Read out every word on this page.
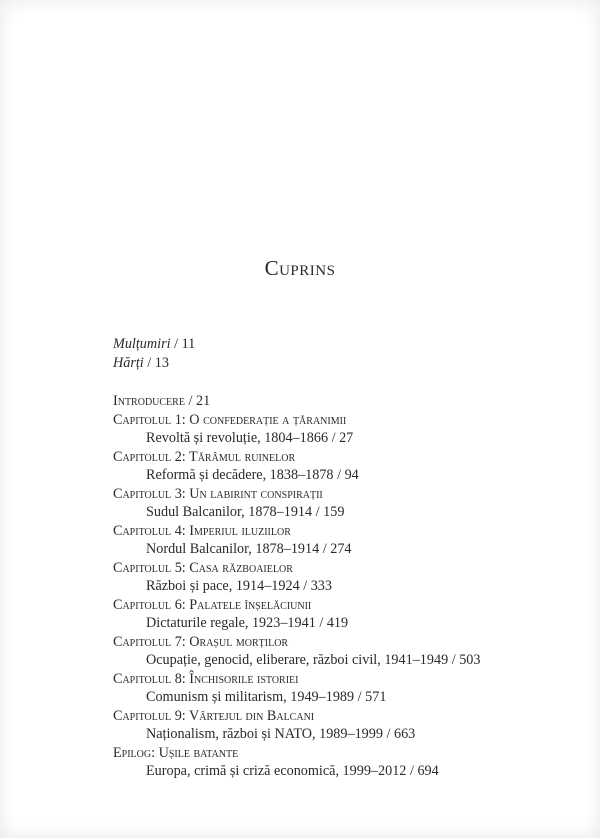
Cuprins
Mulțumiri / 11
Hărți / 13
Introducere / 21
Capitolul 1: O confederație a țăranimii
Revoltă și revoluție, 1804–1866 / 27
Capitolul 2: Tărâmul ruinelor
Reformă și decădere, 1838–1878 / 94
Capitolul 3: Un labirint conspirații
Sudul Balcanilor, 1878–1914 / 159
Capitolul 4: Imperiul iluziilor
Nordul Balcanilor, 1878–1914 / 274
Capitolul 5: Casa războaielor
Război și pace, 1914–1924 / 333
Capitolul 6: Palatele înșelăciunii
Dictaturile regale, 1923–1941 / 419
Capitolul 7: Orașul morților
Ocupație, genocid, eliberare, război civil, 1941–1949 / 503
Capitolul 8: Închisorile istoriei
Comunism și militarism, 1949–1989 / 571
Capitolul 9: Vârtejul din Balcani
Naționalism, război și NATO, 1989–1999 / 663
Epilog: Ușile batante
Europa, crimă și criză economică, 1999–2012 / 694
